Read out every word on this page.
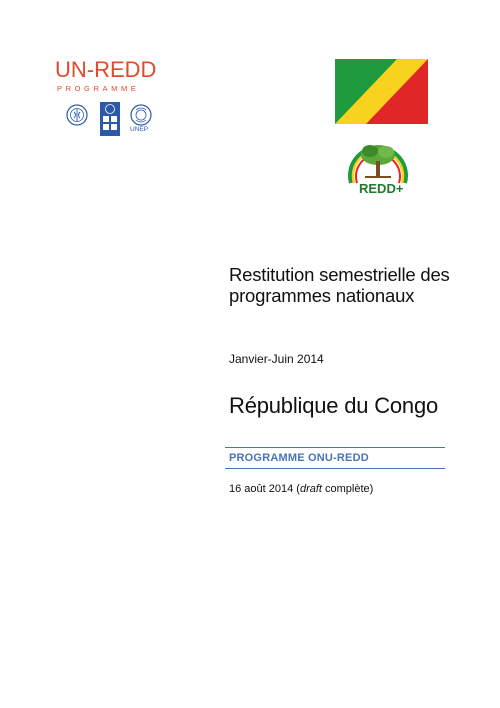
UN-REDD
PROGRAMME
UNEP
REDD+
Restitution semestrielle des programmes nationaux
Janvier-Juin 2014
République du Congo
PROGRAMME ONU-REDD
16 août 2014 (draft complète)
